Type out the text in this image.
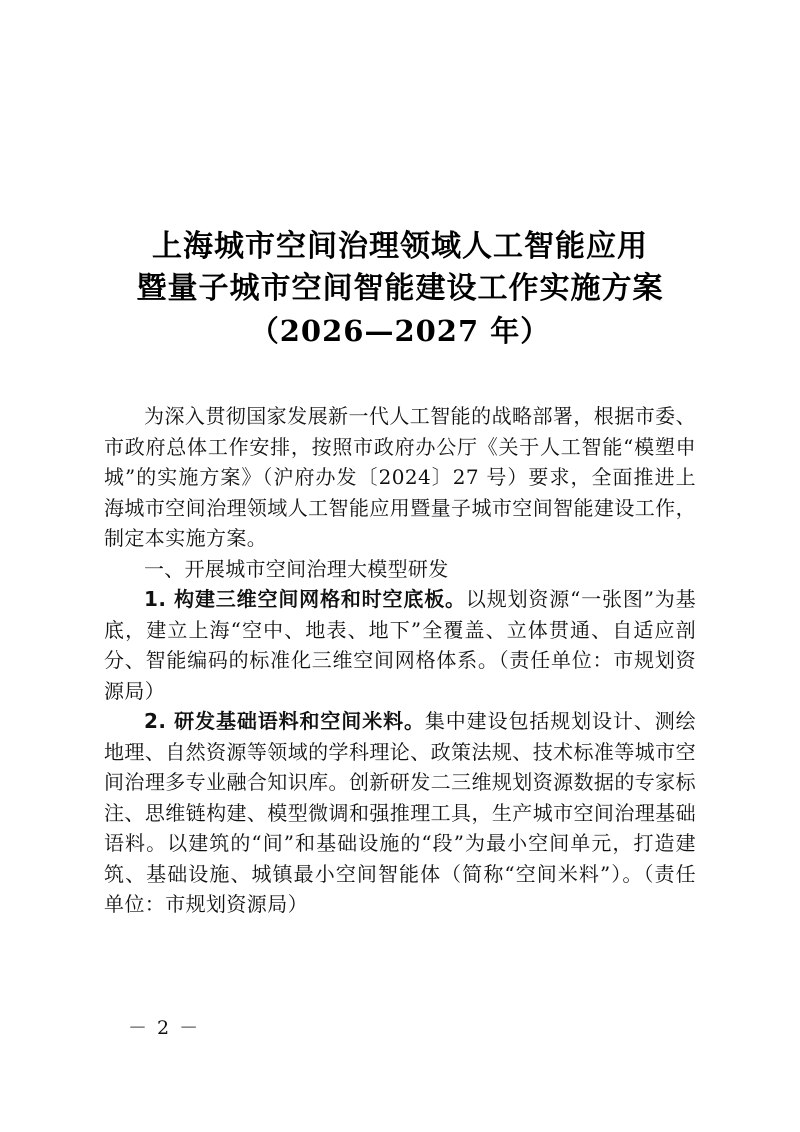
上海城市空间治理领域人工智能应用
暨量子城市空间智能建设工作实施方案
（2026—2027 年）

为深入贯彻国家发展新一代人工智能的战略部署，根据市委、市政府总体工作安排，按照市政府办公厅《关于人工智能“模塑申城”的实施方案》（沪府办发〔2024〕27 号）要求，全面推进上海城市空间治理领域人工智能应用暨量子城市空间智能建设工作，制定本实施方案。

一、开展城市空间治理大模型研发

1. 构建三维空间网格和时空底板。以规划资源“一张图”为基底，建立上海“空中、地表、地下”全覆盖、立体贯通、自适应剖分、智能编码的标准化三维空间网格体系。（责任单位：市规划资源局）

2. 研发基础语料和空间米料。集中建设包括规划设计、测绘地理、自然资源等领域的学科理论、政策法规、技术标准等城市空间治理多专业融合知识库。创新研发二三维规划资源数据的专家标注、思维链构建、模型微调和强推理工具，生产城市空间治理基础语料。以建筑的“间”和基础设施的“段”为最小空间单元，打造建筑、基础设施、城镇最小空间智能体（简称“空间米料”）。（责任单位：市规划资源局）

－ 2 －
